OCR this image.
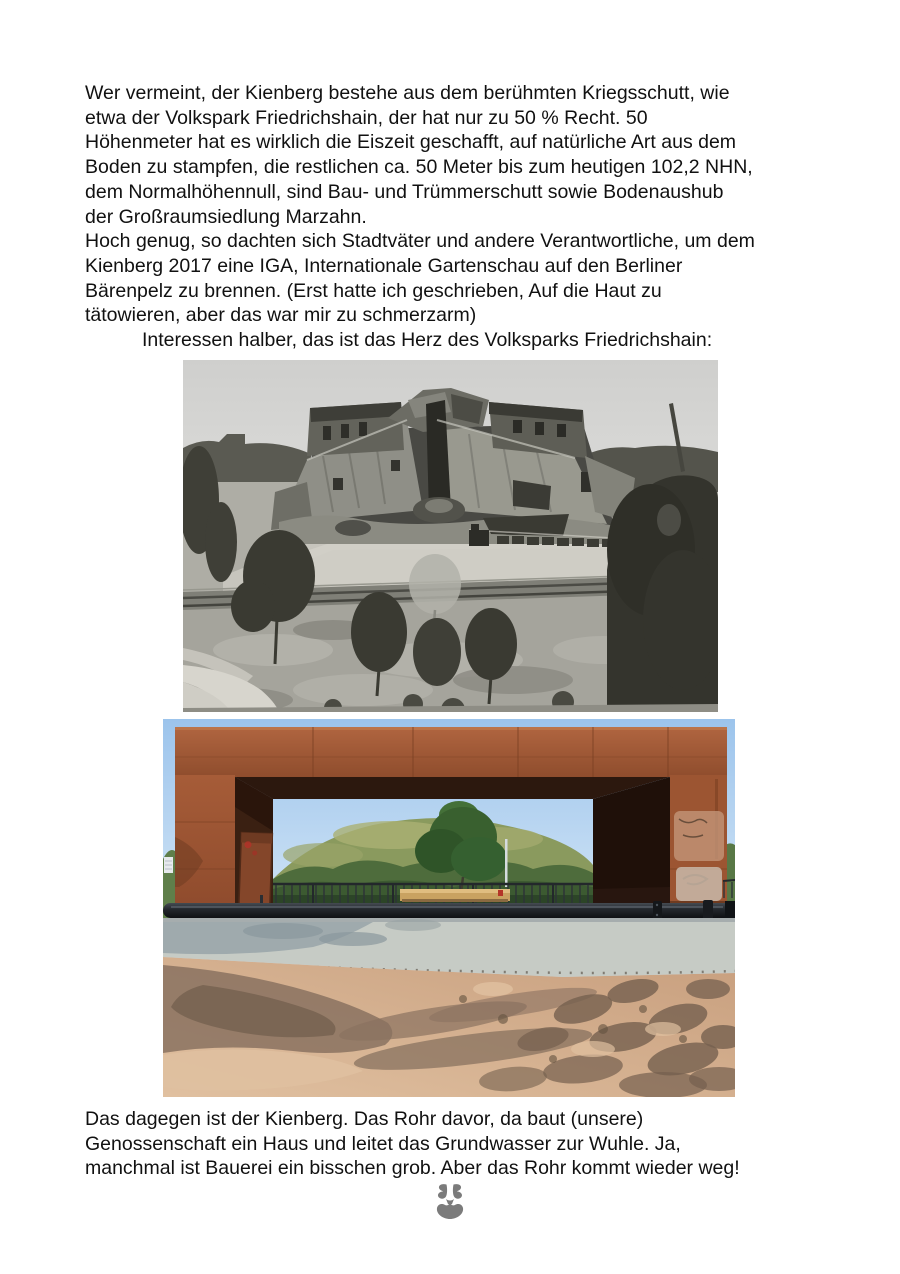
Wer vermeint, der Kienberg bestehe aus dem berühmten Kriegsschutt, wie
etwa der Volkspark Friedrichshain, der hat nur zu 50 % Recht. 50
Höhenmeter hat es wirklich die Eiszeit geschafft, auf natürliche Art aus dem
Boden zu stampfen, die restlichen ca. 50 Meter bis zum heutigen 102,2 NHN,
dem Normalhöhennull, sind Bau- und Trümmerschutt sowie Bodenaushub
der Großraumsiedlung Marzahn.

Hoch genug, so dachten sich Stadtväter und andere Verantwortliche, um dem
Kienberg 2017 eine IGA, Internationale Gartenschau auf den Berliner
Bärenpelz zu brennen. (Erst hatte ich geschrieben, Auf die Haut zu
tätowieren, aber das war mir zu schmerzarm)

Interessen halber, das ist das Herz des Volksparks Friedrichshain:

Das dagegen ist der Kienberg. Das Rohr davor, da baut (unsere)
Genossenschaft ein Haus und leitet das Grundwasser zur Wuhle. Ja,
manchmal ist Bauerei ein bisschen grob. Aber das Rohr kommt wieder weg!
